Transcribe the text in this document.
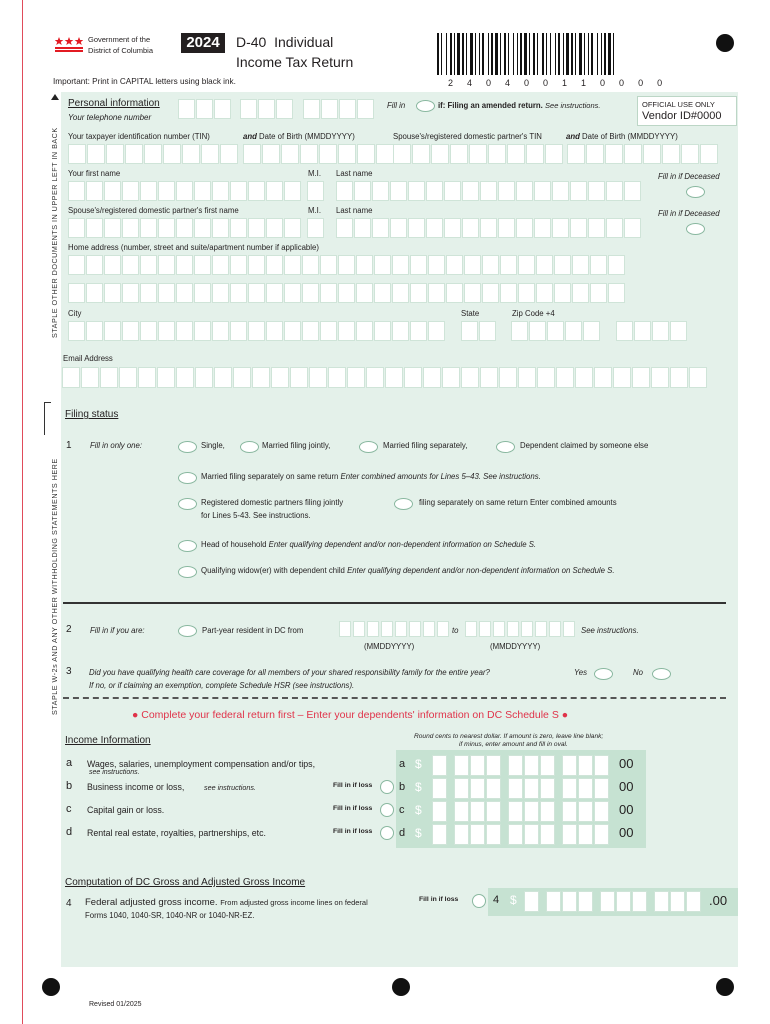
Government of the
District of Columbia	2024	D-40  Individual
Income Tax Return
Important: Print in CAPITAL letters using black ink.	2  4  0  4  0  0  1  1  0  0  0  0
STAPLE OTHER DOCUMENTS IN UPPER LEFT IN BACK
STAPLE W-2s AND ANY OTHER WITHHOLDING STATEMENTS HERE
Personal information
Your telephone number
Fill in	if: Filing an amended return. See instructions.	OFFICIAL USE ONLY
Vendor ID#0000
Your taxpayer identification number (TIN)	and Date of Birth (MMDDYYYY)	Spouse's/registered domestic partner's TIN	and Date of Birth (MMDDYYYY)
Your first name	M.I. Last name	Fill in if Deceased
Spouse's/registered domestic partner's first name	M.I. Last name	Fill in if Deceased
Home address (number, street and suite/apartment number if applicable)
City	State	Zip Code +4
Email Address
Filing status
1 Fill in only one:	Single,	Married filing jointly,	Married filing separately,	Dependent claimed by someone else
Married filing separately on same return Enter combined amounts for Lines 5–43. See instructions.
Registered domestic partners filing jointly
for Lines 5-43. See instructions.
filing separately on same return Enter combined amounts
Head of household Enter qualifying dependent and/or non-dependent information on Schedule S.
Qualifying widow(er) with dependent child Enter qualifying dependent and/or non-dependent information on Schedule S.
2 Fill in if you are:	Part-year resident in DC from	to	See instructions.
(MMDDYYYY)	(MMDDYYYY)
3 Did you have qualifying health care coverage for all members of your shared responsibility family for the entire year?	Yes	No
If no, or if claiming an exemption, complete Schedule HSR (see instructions).
● Complete your federal return first – Enter your dependents' information on DC Schedule S ●
Income Information	Round cents to nearest dollar. If amount is zero, leave line blank;
if minus, enter amount and fill in oval.
a Wages, salaries, unemployment compensation and/or tips,
see instructions.
a $	00
b Business income or loss,	see instructions.	Fill in if loss b $	00
c Capital gain or loss.	Fill in if loss c $	00
d Rental real estate, royalties, partnerships, etc.	Fill in if loss d $	00
Computation of DC Gross and Adjusted Gross Income
4 Federal adjusted gross income. From adjusted gross income lines on federal
Forms 1040, 1040-SR, 1040-NR or 1040-NR-EZ.
Fill in if loss	4 $	.00
Revised 01/2025
